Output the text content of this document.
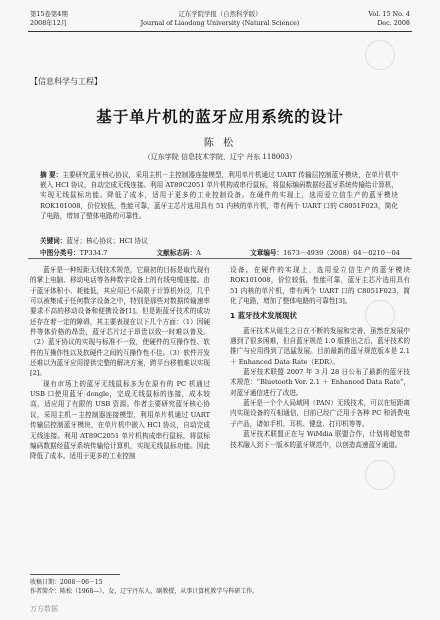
第15卷第4期
2008年12月
辽东学院学报（自然科学版）
Journal of Liaodong University (Natural Science)
Vol. 15 No. 4
Dec. 2008
【信息科学与工程】
基于单片机的蓝牙应用系统的设计
陈 松
（辽东学院 信息技术学院，辽宁 丹东 118003）
摘 要：主要研究蓝牙核心协议，采用主机－主控制器连接模型，利用单片机通过 UART 传输层控制蓝牙模块，在单片机中嵌入 HCI 协议，自动完成无线连接。利用 AT89C2051 单片机构成串行鼠标，将鼠标编码数据经蓝牙系统传输给计算机，实现无线鼠标功能。降低了成本，适用于更多的工业控制设备。在硬件的实现上，选用爱立信生产的蓝牙模块 ROK101008，价位较低，性能可靠，蓝牙主芯片选用具有 51 内核的单片机，带有两个 UART 口的 C8051F023，简化了电路，增加了整体电路的可靠性。
关键词：蓝牙；核心协议；HCI 协议
中图分类号：TP334.7	文献标志码：A	文章编号：1673－4939（2008）04－0210－04

蓝牙是一种短距无线技术规范，它最初的目标是取代现有的掌上电脑、移动电话等各种数字设备上的有线电缆连接。由于蓝牙体积小、耗能低，其应用已不局限于计算机外设，几乎可以被集成于任何数字设备之中，特别是那些对数据传输速率要求不高的移动设备和便携设备[1]。但是距蓝牙技术的成功还存在着一定的障碍，其主要表现在以下几个方面：（1）因硬件等体价格的昂贵，蓝牙芯片过于昂贵以致一时难以普及。（2）蓝牙协议的实现与标准不一致，使硬件的互操作性、软件的互操作性以及软硬件之间的互操作性不佳。（3）软件开发还难以为蓝牙应用提供完整的解决方案，跨平台移植难以实现[2]。

现有市场上的蓝牙无线鼠标多为在原有的 PC 机通过 USB 口使用蓝牙 dongle，完成无线鼠标的连接，成本较高，适应用了有限的 USB 资源。作者主要研究蓝牙核心协议，采用主机－主控制器连接模型，利用单片机通过 UART 传输层控制蓝牙模块，在单片机中嵌入 HCI 协议，自动完成无线连接。利用 AT89C2051 单片机构成串行鼠标，将鼠标编码数据经蓝牙系统传输给计算机，实现无线鼠标功能。因此降低了成本，适用于更多的工业控制

设备。在硬件的实现上，选用爱立信生产的蓝牙模块 ROK101008，价位较低，性能可靠，蓝牙主芯片选用具有 51 内核的单片机，带有两个 UART 口的 C8051F023，简化了电路，增加了整体电路的可靠性[3]。

1 蓝牙技术发展现状

蓝牙技术从诞生之日在不断的发展和完善，虽然在发展中遇到了很多困难，但自蓝牙规范 1.0 版推出之后，蓝牙技术的推广与应用得到了迅猛发展。目前最新的蓝牙规范版本是 2.1 ＋ Enhanced Data Rate（EDR）。

蓝牙技术联盟 2007 年 3 月 28 日公布了最新的蓝牙技术规范：“Bluetooth Ver. 2.1 ＋ Enhanced Data Rate”，对蓝牙通信进行了改进。

蓝牙是一个个人局域网（PAN）无线技术，可以在短距离内实现设备的互相通信，目前已经广泛用于各种 PC 和消费电子产品，诸如手机、耳机、键盘、打印机等等。

蓝牙技术联盟正在与 WiMdia 联盟合作，计划将超宽带技术融入到下一版本的蓝牙规范中，以创造高速蓝牙通道。

收稿日期：2008－06－15
作者简介：陈松（1968—），女，辽宁丹东人，副教授，从事计算机教学与科研工作。
万方数据
